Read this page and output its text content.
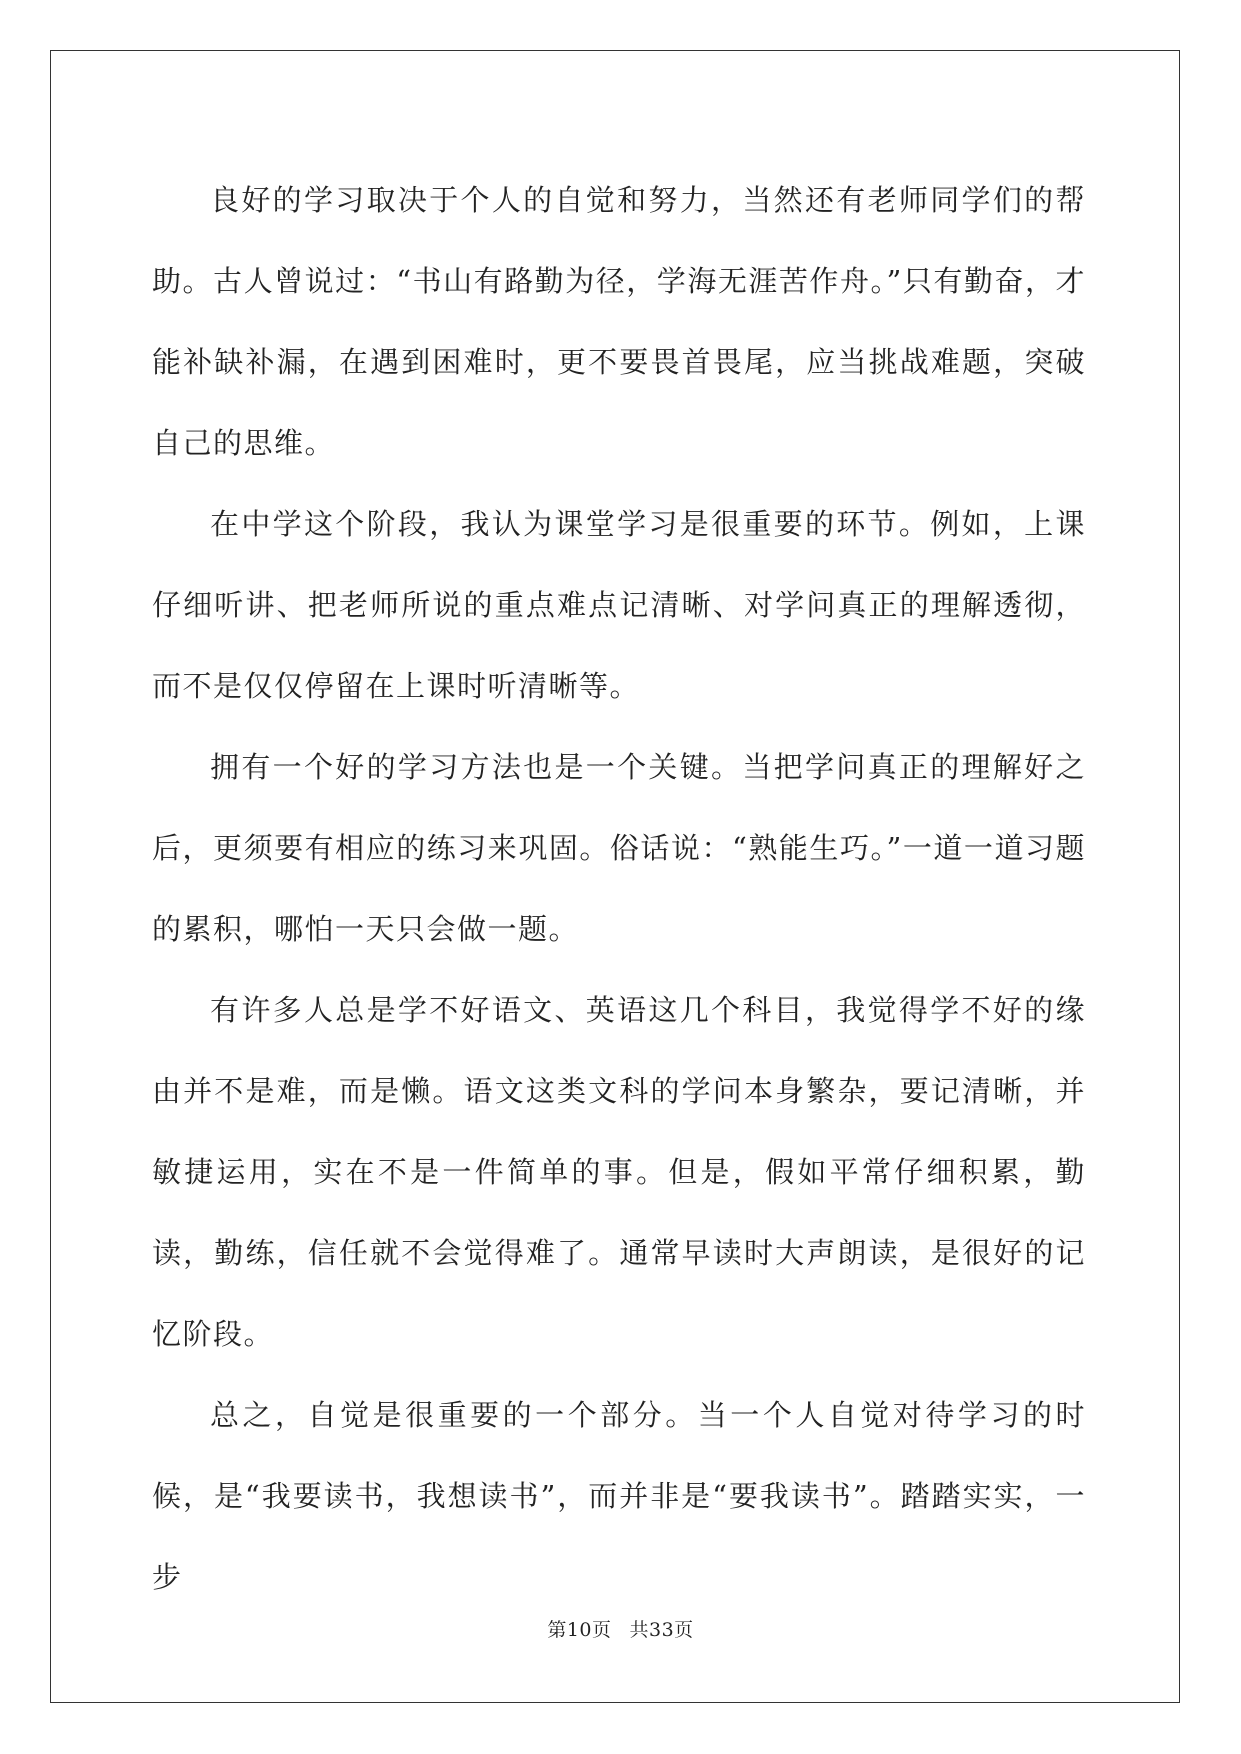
良好的学习取决于个人的自觉和努力，当然还有老师同学们的帮助。古人曾说过：“书山有路勤为径，学海无涯苦作舟。”只有勤奋，才能补缺补漏，在遇到困难时，更不要畏首畏尾，应当挑战难题，突破自己的思维。

在中学这个阶段，我认为课堂学习是很重要的环节。例如，上课仔细听讲、把老师所说的重点难点记清晰、对学问真正的理解透彻，而不是仅仅停留在上课时听清晰等。

拥有一个好的学习方法也是一个关键。当把学问真正的理解好之后，更须要有相应的练习来巩固。俗话说：“熟能生巧。”一道一道习题的累积，哪怕一天只会做一题。

有许多人总是学不好语文、英语这几个科目，我觉得学不好的缘由并不是难，而是懒。语文这类文科的学问本身繁杂，要记清晰，并敏捷运用，实在不是一件简单的事。但是，假如平常仔细积累，勤读，勤练，信任就不会觉得难了。通常早读时大声朗读，是很好的记忆阶段。

总之，自觉是很重要的一个部分。当一个人自觉对待学习的时候，是“我要读书，我想读书”，而并非是“要我读书”。踏踏实实，一步

第10页 共33页
